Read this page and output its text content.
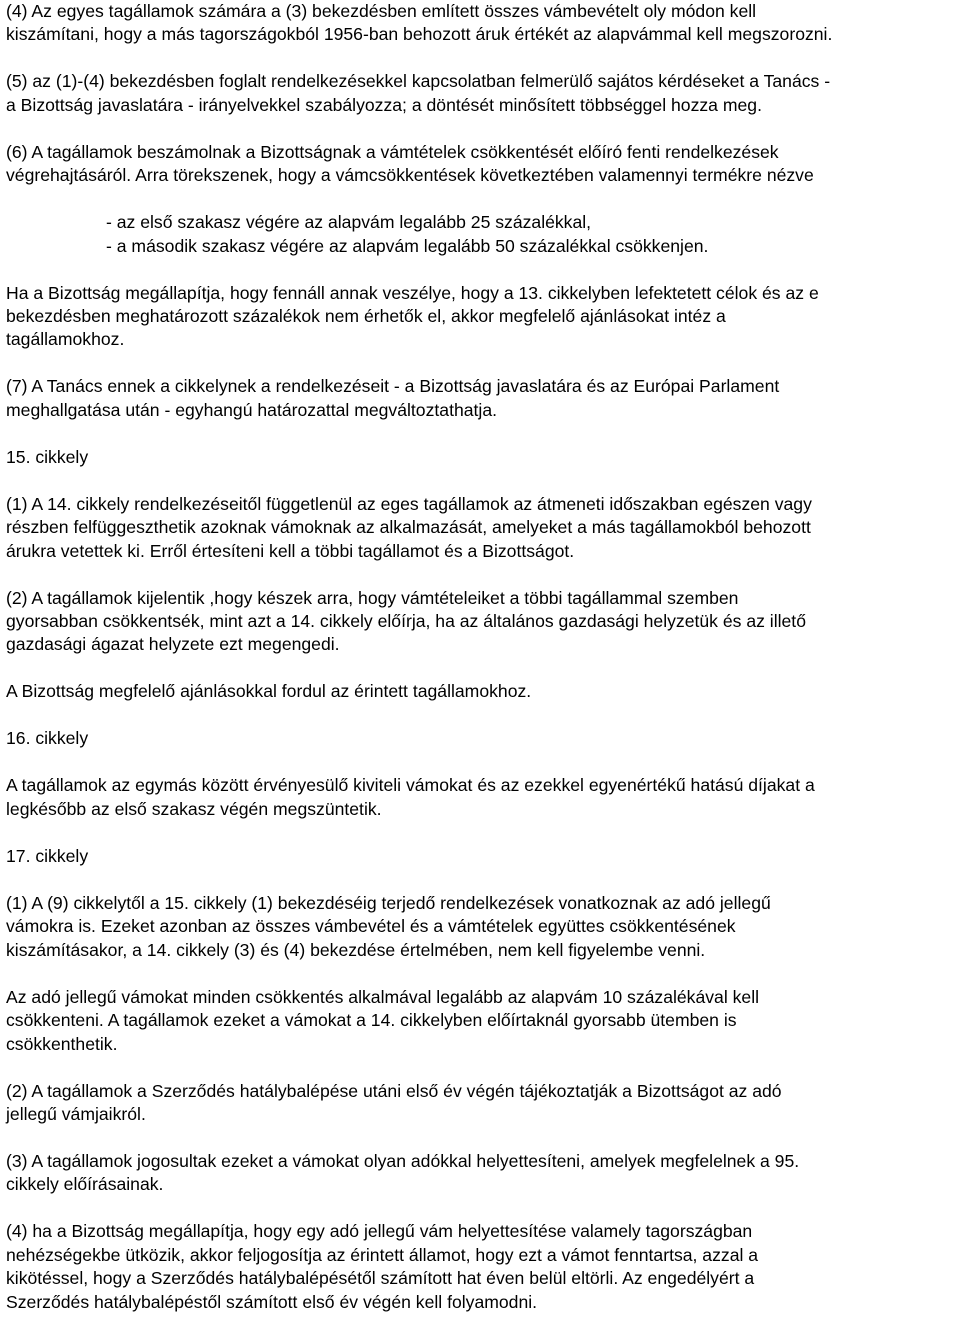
(4) Az egyes tagállamok számára a (3) bekezdésben említett összes vámbevételt oly módon kell
kiszámítani, hogy a más tagországokból 1956-ban behozott áruk értékét az alapvámmal kell megszorozni.
(5) az (1)-(4) bekezdésben foglalt rendelkezésekkel kapcsolatban felmerülő sajátos kérdéseket a Tanács -
a Bizottság javaslatára - irányelvekkel szabályozza; a döntését minősített többséggel hozza meg.
(6) A tagállamok beszámolnak a Bizottságnak a vámtételek csökkentését előíró fenti rendelkezések
végrehajtásáról. Arra törekszenek, hogy a vámcsökkentések következtében valamennyi termékre nézve
- az első szakasz végére az alapvám legalább 25 százalékkal,
- a második szakasz végére az alapvám legalább 50 százalékkal csökkenjen.
Ha a Bizottság megállapítja, hogy fennáll annak veszélye, hogy a 13. cikkelyben lefektetett célok és az e
bekezdésben meghatározott százalékok nem érhetők el, akkor megfelelő ajánlásokat intéz a
tagállamokhoz.
(7) A Tanács ennek a cikkelynek a rendelkezéseit - a Bizottság javaslatára és az Európai Parlament
meghallgatása után - egyhangú határozattal megváltoztathatja.
15. cikkely
(1) A 14. cikkely rendelkezéseitől függetlenül az eges tagállamok az átmeneti időszakban egészen vagy
részben felfüggeszthetik azoknak vámoknak az alkalmazását, amelyeket a más tagállamokból behozott
árukra vetettek ki. Erről értesíteni kell a többi tagállamot és a Bizottságot.
(2) A tagállamok kijelentik ,hogy készek arra, hogy vámtételeiket a többi tagállammal szemben
gyorsabban csökkentsék, mint azt a 14. cikkely előírja, ha az általános gazdasági helyzetük és az illető
gazdasági ágazat helyzete ezt megengedi.
A Bizottság megfelelő ajánlásokkal fordul az érintett tagállamokhoz.
16. cikkely
A tagállamok az egymás között érvényesülő kiviteli vámokat és az ezekkel egyenértékű hatású díjakat a
legkésőbb az első szakasz végén megszüntetik.
17. cikkely
(1) A (9) cikkelytől a 15. cikkely (1) bekezdéséig terjedő rendelkezések vonatkoznak az adó jellegű
vámokra is. Ezeket azonban az összes vámbevétel és a vámtételek együttes csökkentésének
kiszámításakor, a 14. cikkely (3) és (4) bekezdése értelmében, nem kell figyelembe venni.
Az adó jellegű vámokat minden csökkentés alkalmával legalább az alapvám 10 százalékával kell
csökkenteni. A tagállamok ezeket a vámokat a 14. cikkelyben előírtaknál gyorsabb ütemben is
csökkenthetik.
(2) A tagállamok a Szerződés hatálybalépése utáni első év végén tájékoztatják a Bizottságot az adó
jellegű vámjaikról.
(3) A tagállamok jogosultak ezeket a vámokat olyan adókkal helyettesíteni, amelyek megfelelnek a 95.
cikkely előírásainak.
(4) ha a Bizottság megállapítja, hogy egy adó jellegű vám helyettesítése valamely tagországban
nehézségekbe ütközik, akkor feljogosítja az érintett államot, hogy ezt a vámot fenntartsa, azzal a
kikötéssel, hogy a Szerződés hatálybalépésétől számított hat éven belül eltörli. Az engedélyért a
Szerződés hatálybalépéstől számított első év végén kell folyamodni.
